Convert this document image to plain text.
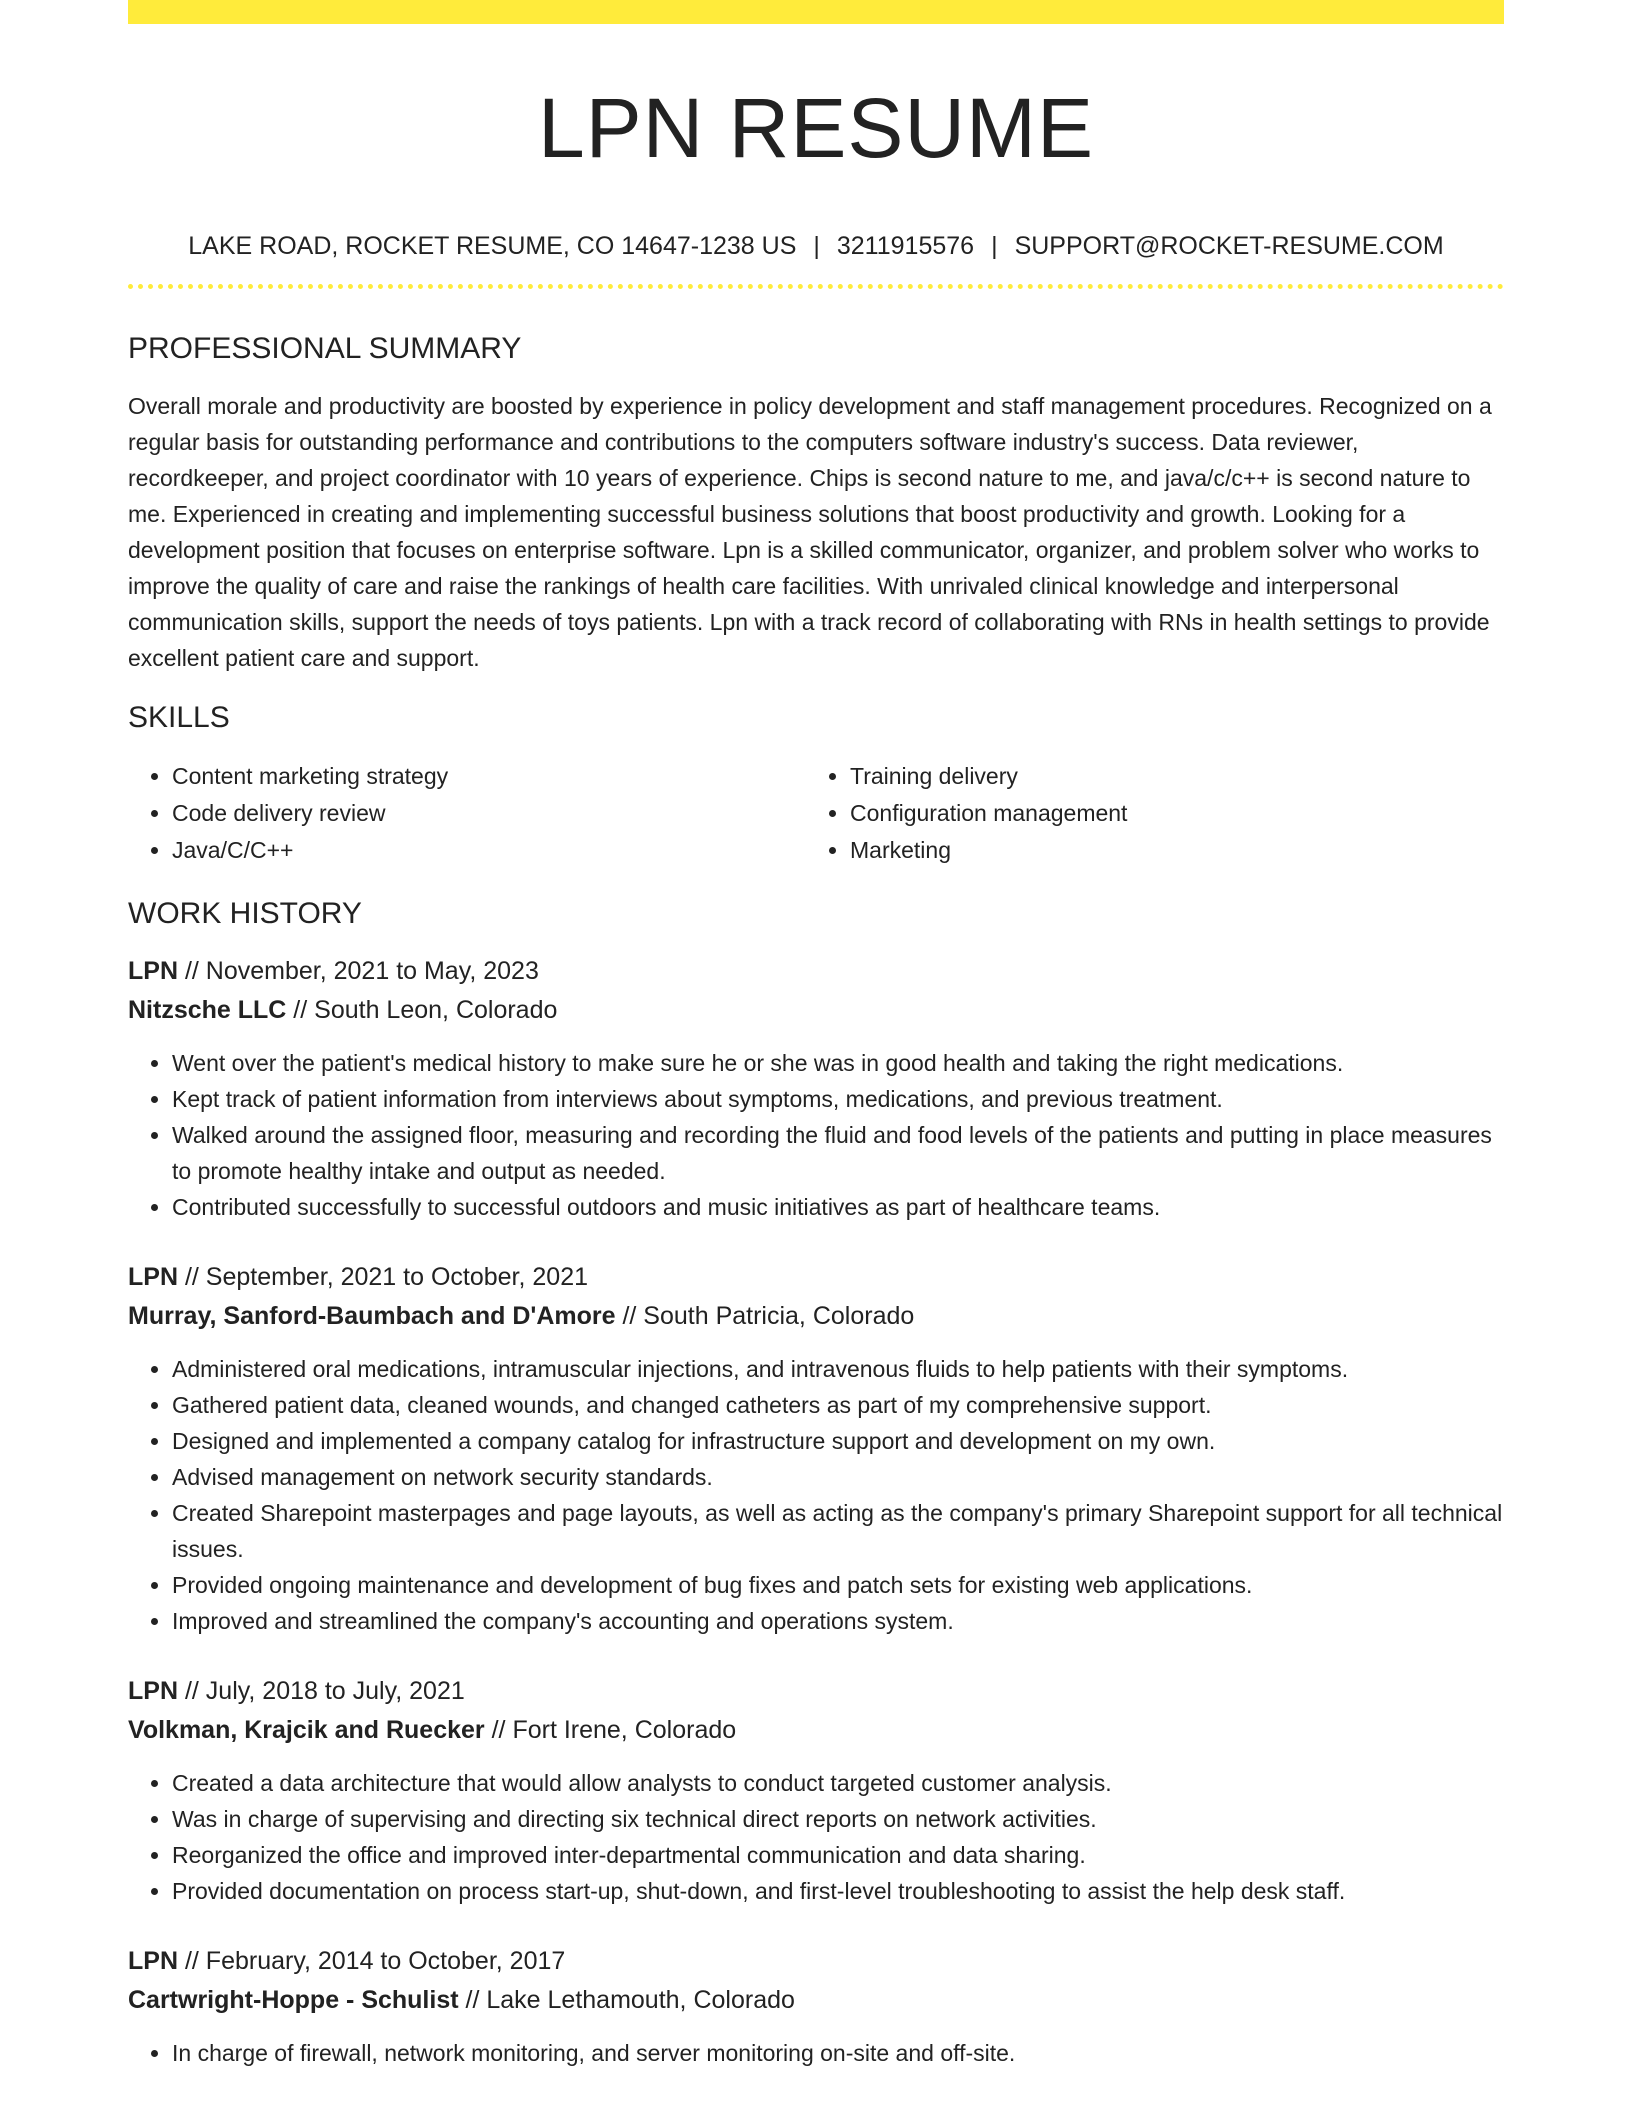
LPN RESUME
LAKE ROAD, ROCKET RESUME, CO 14647-1238 US | 3211915576 | SUPPORT@ROCKET-RESUME.COM
PROFESSIONAL SUMMARY
Overall morale and productivity are boosted by experience in policy development and staff management procedures. Recognized on a regular basis for outstanding performance and contributions to the computers software industry's success. Data reviewer, recordkeeper, and project coordinator with 10 years of experience. Chips is second nature to me, and java/c/c++ is second nature to me. Experienced in creating and implementing successful business solutions that boost productivity and growth. Looking for a development position that focuses on enterprise software. Lpn is a skilled communicator, organizer, and problem solver who works to improve the quality of care and raise the rankings of health care facilities. With unrivaled clinical knowledge and interpersonal communication skills, support the needs of toys patients. Lpn with a track record of collaborating with RNs in health settings to provide excellent patient care and support.
SKILLS
• Content marketing strategy
• Code delivery review
• Java/C/C++
• Training delivery
• Configuration management
• Marketing
WORK HISTORY
LPN // November, 2021 to May, 2023
Nitzsche LLC // South Leon, Colorado
• Went over the patient's medical history to make sure he or she was in good health and taking the right medications.
• Kept track of patient information from interviews about symptoms, medications, and previous treatment.
• Walked around the assigned floor, measuring and recording the fluid and food levels of the patients and putting in place measures to promote healthy intake and output as needed.
• Contributed successfully to successful outdoors and music initiatives as part of healthcare teams.
LPN // September, 2021 to October, 2021
Murray, Sanford-Baumbach and D'Amore // South Patricia, Colorado
• Administered oral medications, intramuscular injections, and intravenous fluids to help patients with their symptoms.
• Gathered patient data, cleaned wounds, and changed catheters as part of my comprehensive support.
• Designed and implemented a company catalog for infrastructure support and development on my own.
• Advised management on network security standards.
• Created Sharepoint masterpages and page layouts, as well as acting as the company's primary Sharepoint support for all technical issues.
• Provided ongoing maintenance and development of bug fixes and patch sets for existing web applications.
• Improved and streamlined the company's accounting and operations system.
LPN // July, 2018 to July, 2021
Volkman, Krajcik and Ruecker // Fort Irene, Colorado
• Created a data architecture that would allow analysts to conduct targeted customer analysis.
• Was in charge of supervising and directing six technical direct reports on network activities.
• Reorganized the office and improved inter-departmental communication and data sharing.
• Provided documentation on process start-up, shut-down, and first-level troubleshooting to assist the help desk staff.
LPN // February, 2014 to October, 2017
Cartwright-Hoppe - Schulist // Lake Lethamouth, Colorado
• In charge of firewall, network monitoring, and server monitoring on-site and off-site.
